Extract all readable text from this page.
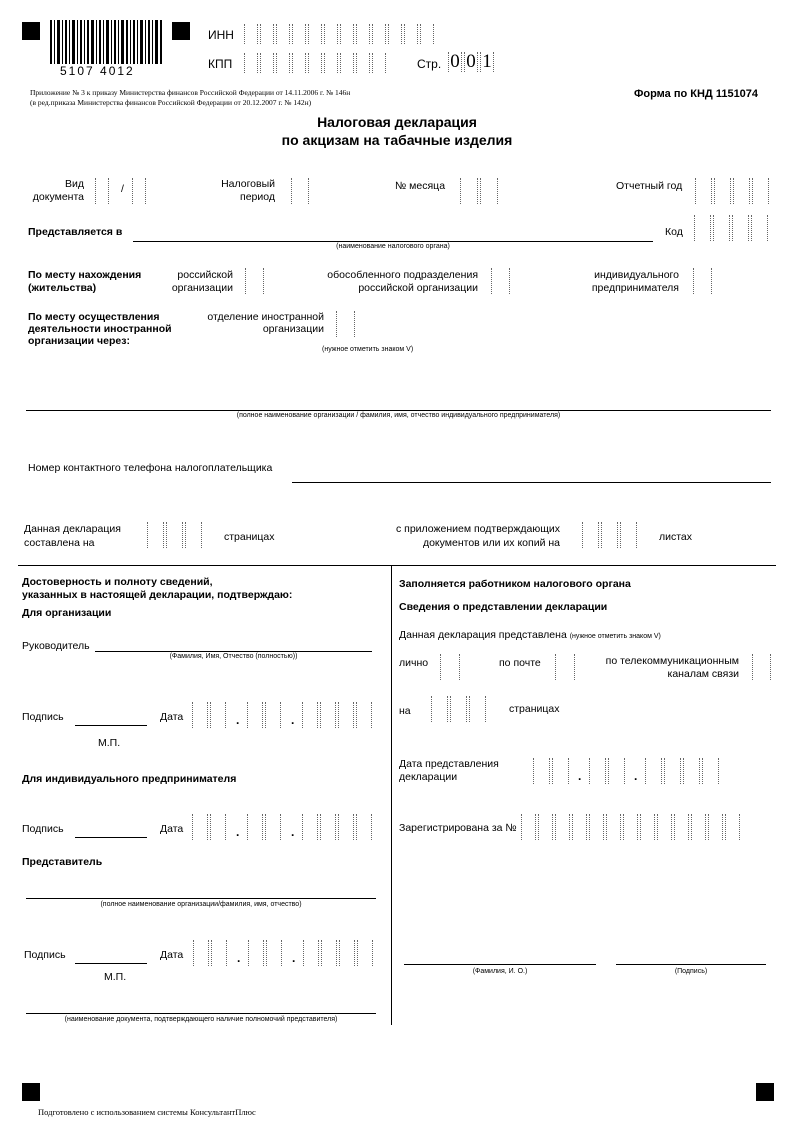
5107 4012
ИНН
КПП	Стр. 0 0 1
Приложение № 3 к приказу Министерства финансов Российской Федерации от 14.11.2006 г. № 146н
(в ред.приказа Министерства финансов Российской Федерации от 20.12.2007 г. № 142н)
Форма по КНД 1151074
Налоговая декларация
по акцизам на табачные изделия
Вид
документа
/	Налоговый
период
№ месяца	Отчетный год
Представляется в
(наименование налогового органа)
Код
По месту нахождения
(жительства)
российской
организации
обособленного подразделения
российской организации
индивидуального
предпринимателя
По месту осуществления
деятельности иностранной
организации через:
отделение иностранной
организации
(нужное отметить знаком V)
(полное наименование организации / фамилия, имя, отчество индивидуального предпринимателя)
Номер контактного телефона налогоплательщика
Данная декларация
составлена на	страницах
с приложением подтверждающих
документов или их копий на	листах
Достоверность и полноту сведений,
указанных в настоящей декларации, подтверждаю:
Для организации
Руководитель
(Фамилия, Имя, Отчество (полностью))
Подпись	Дата	.	.
М.П.
Для индивидуального предпринимателя
Подпись	Дата	.	.
Представитель
(полное наименование организации/фамилия, имя, отчество)
Подпись	Дата	.	.
М.П.
(наименование документа, подтверждающего наличие полномочий представителя)
Заполняется работником налогового органа
Сведения о представлении декларации
Данная декларация представлена (нужное отметить знаком V)
лично	по почте	по телекоммуникационным
каналам связи
на	страницах
Дата представления
декларации	.	.
Зарегистрирована за №
(Фамилия, И. О.)	(Подпись)
Подготовлено с использованием системы КонсультантПлюс
